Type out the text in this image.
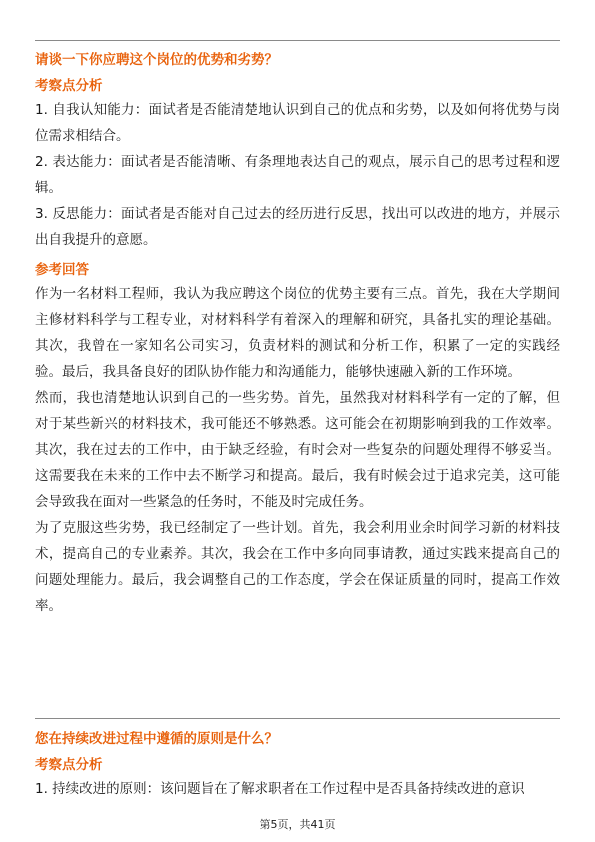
请谈一下你应聘这个岗位的优势和劣势？

考察点分析

1. 自我认知能力：面试者是否能清楚地认识到自己的优点和劣势，以及如何将优势与岗位需求相结合。

2. 表达能力：面试者是否能清晰、有条理地表达自己的观点，展示自己的思考过程和逻辑。

3. 反思能力：面试者是否能对自己过去的经历进行反思，找出可以改进的地方，并展示出自我提升的意愿。

参考回答

作为一名材料工程师，我认为我应聘这个岗位的优势主要有三点。首先，我在大学期间主修材料科学与工程专业，对材料科学有着深入的理解和研究，具备扎实的理论基础。其次，我曾在一家知名公司实习，负责材料的测试和分析工作，积累了一定的实践经验。最后，我具备良好的团队协作能力和沟通能力，能够快速融入新的工作环境。

然而，我也清楚地认识到自己的一些劣势。首先，虽然我对材料科学有一定的了解，但对于某些新兴的材料技术，我可能还不够熟悉。这可能会在初期影响到我的工作效率。其次，我在过去的工作中，由于缺乏经验，有时会对一些复杂的问题处理得不够妥当。这需要我在未来的工作中去不断学习和提高。最后，我有时候会过于追求完美，这可能会导致我在面对一些紧急的任务时，不能及时完成任务。

为了克服这些劣势，我已经制定了一些计划。首先，我会利用业余时间学习新的材料技术，提高自己的专业素养。其次，我会在工作中多向同事请教，通过实践来提高自己的问题处理能力。最后，我会调整自己的工作态度，学会在保证质量的同时，提高工作效率。

您在持续改进过程中遵循的原则是什么？

考察点分析

1. 持续改进的原则：该问题旨在了解求职者在工作过程中是否具备持续改进的意识

第5页，共41页
